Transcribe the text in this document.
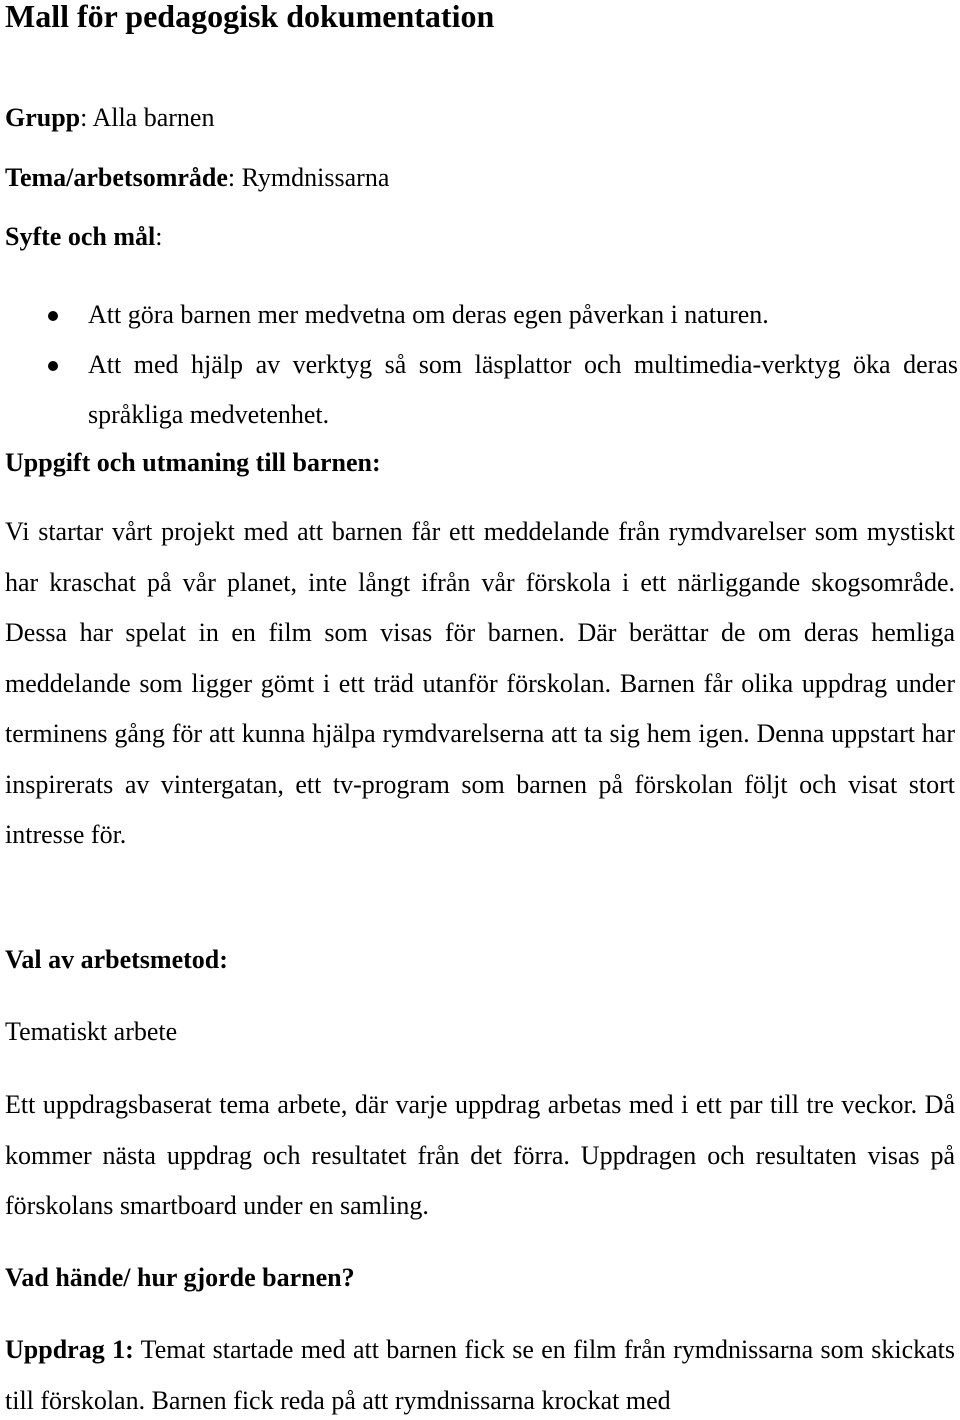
Mall för pedagogisk dokumentation

Grupp: Alla barnen

Tema/arbetsområde: Rymdnissarna

Syfte och mål:

Att göra barnen mer medvetna om deras egen påverkan i naturen.
Att med hjälp av verktyg så som läsplattor och multimedia-verktyg öka deras språkliga medvetenhet.

Uppgift och utmaning till barnen:

Vi startar vårt projekt med att barnen får ett meddelande från rymdvarelser som mystiskt har kraschat på vår planet, inte långt ifrån vår förskola i ett närliggande skogsområde. Dessa har spelat in en film som visas för barnen. Där berättar de om deras hemliga meddelande som ligger gömt i ett träd utanför förskolan. Barnen får olika uppdrag under terminens gång för att kunna hjälpa rymdvarelserna att ta sig hem igen. Denna uppstart har inspirerats av vintergatan, ett tv-program som barnen på förskolan följt och visat stort intresse för.

Val av arbetsmetod:

Tematiskt arbete

Ett uppdragsbaserat tema arbete, där varje uppdrag arbetas med i ett par till tre veckor. Då kommer nästa uppdrag och resultatet från det förra. Uppdragen och resultaten visas på förskolans smartboard under en samling.

Vad hände/ hur gjorde barnen?

Uppdrag 1: Temat startade med att barnen fick se en film från rymdnissarna som skickats till förskolan. Barnen fick reda på att rymdnissarna krockat med
